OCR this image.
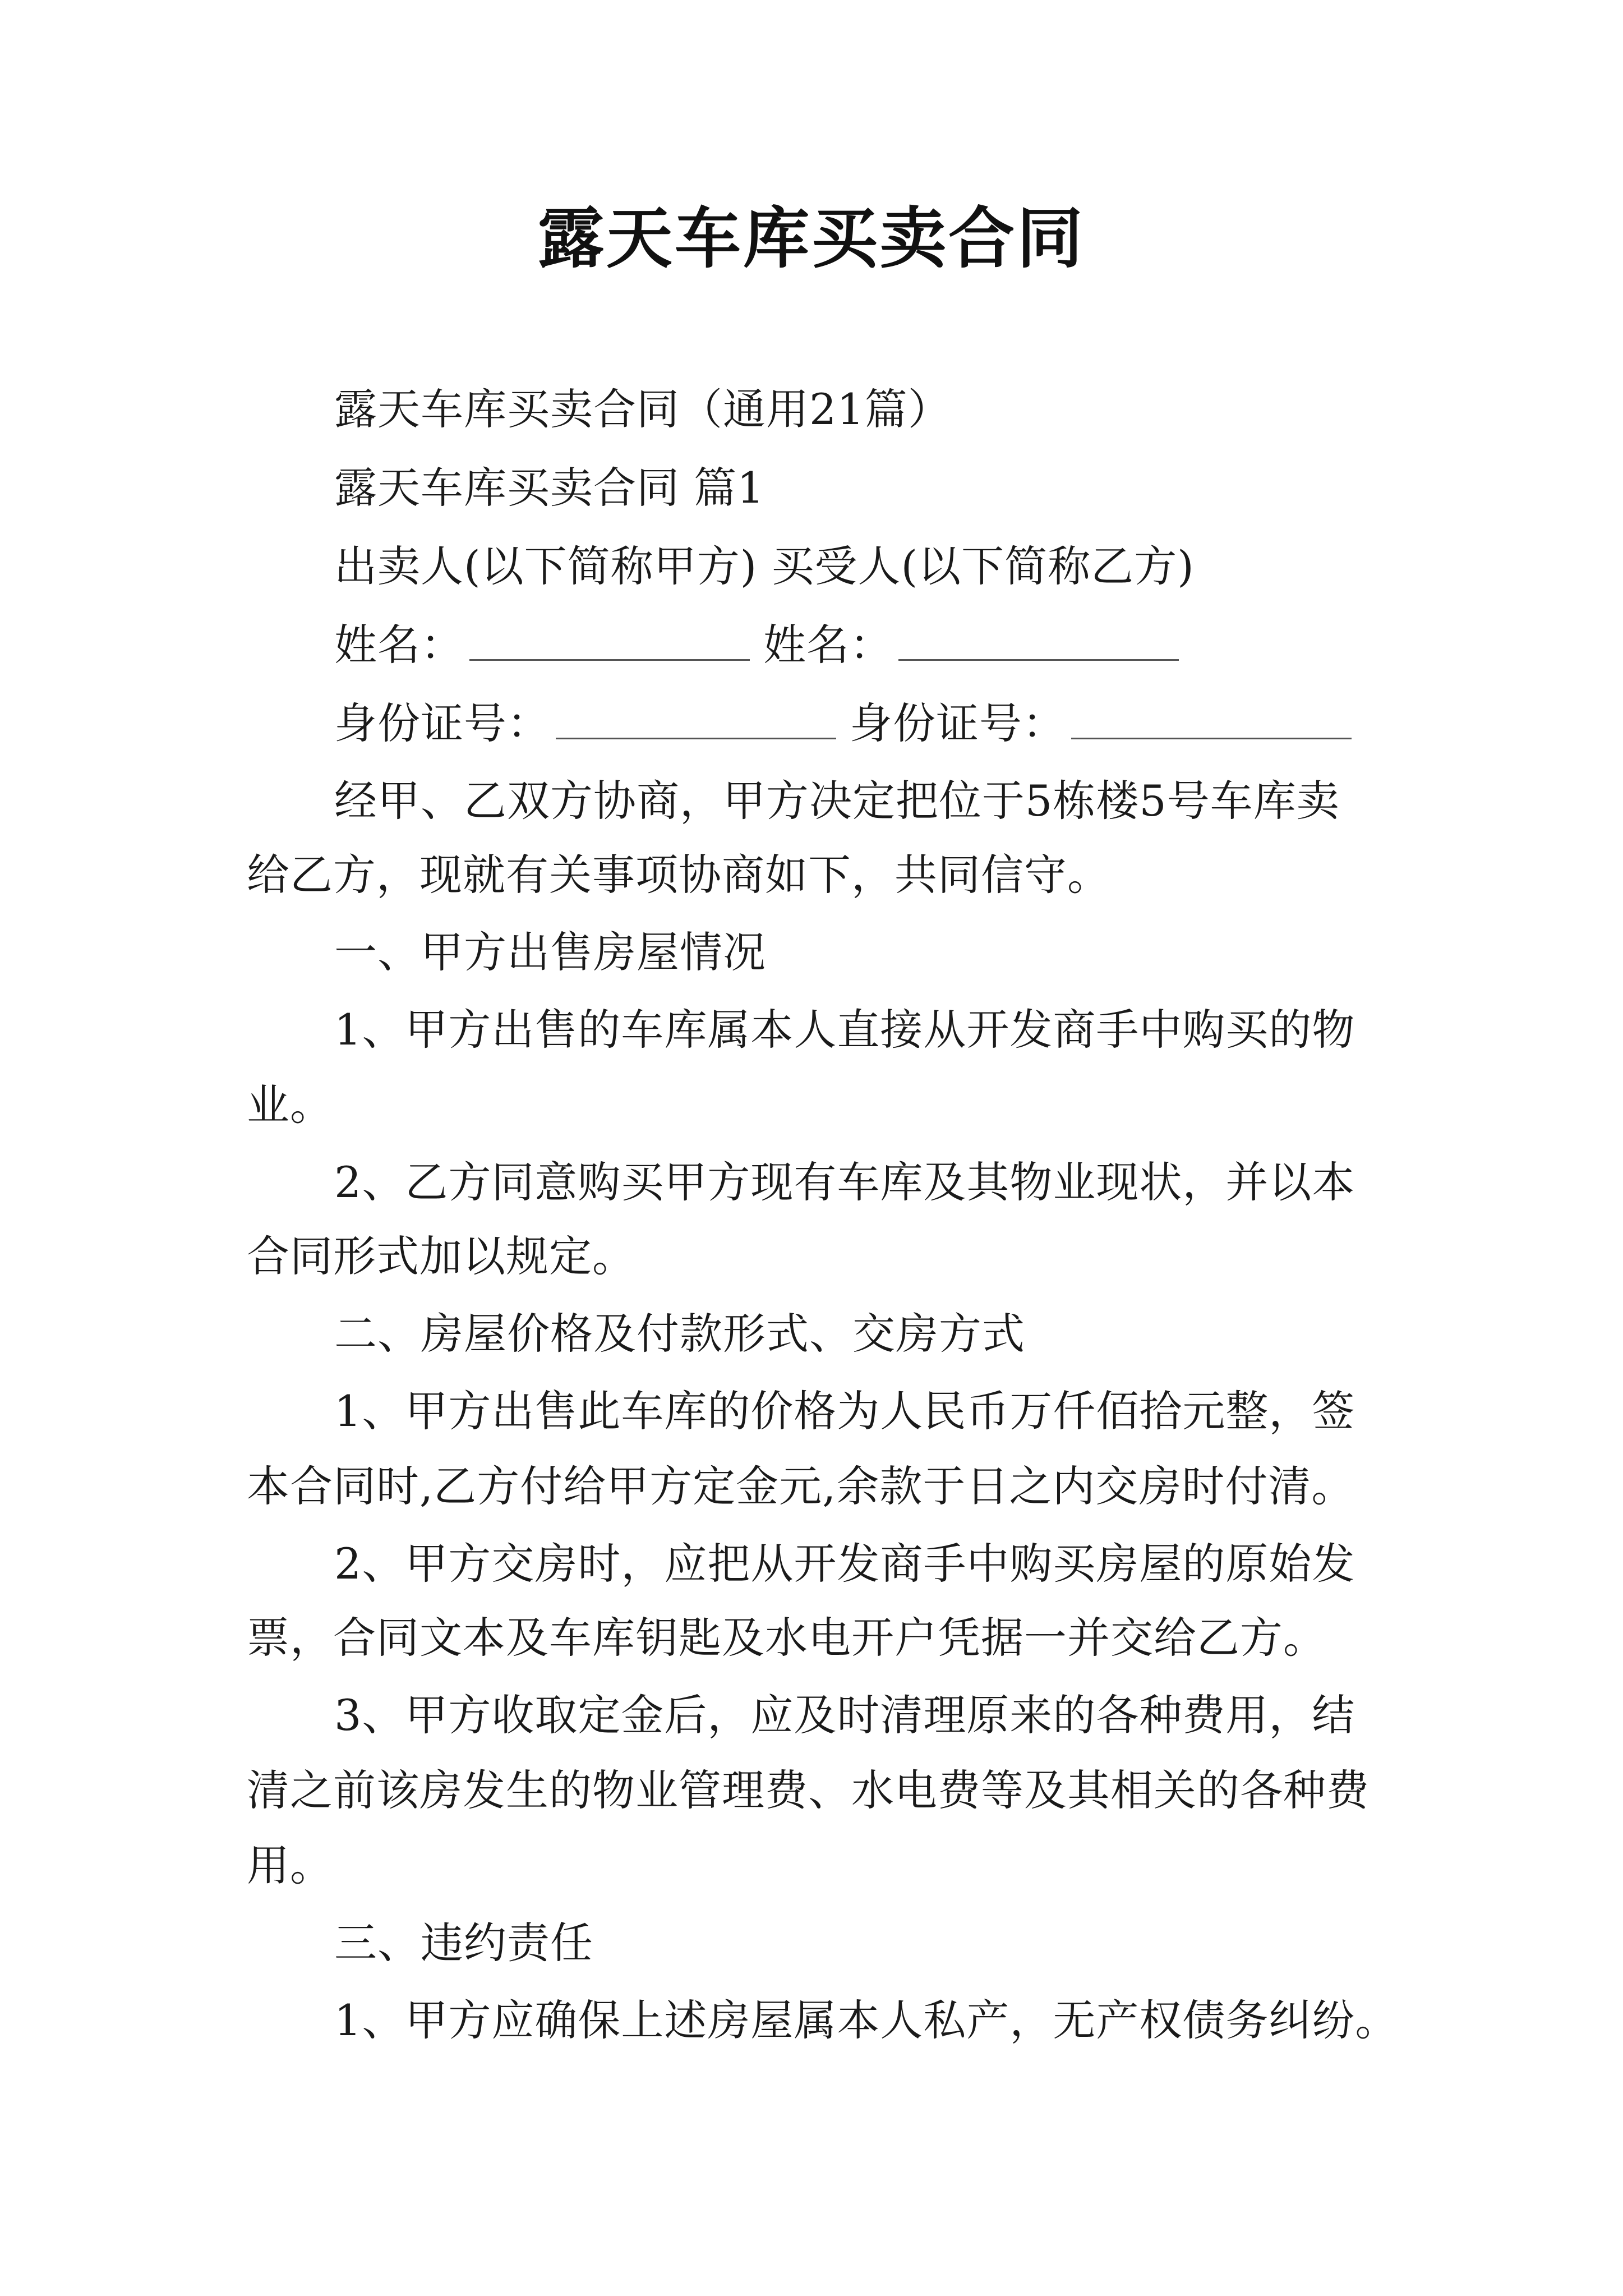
露天车库买卖合同
露天车库买卖合同（通用21篇）
露天车库买卖合同 篇1
出卖人(以下简称甲方) 买受人(以下简称乙方)
姓名：	姓名：
身份证号：	身份证号：
经甲、乙双方协商，甲方决定把位于5栋楼5号车库卖
给乙方，现就有关事项协商如下，共同信守。
一、甲方出售房屋情况
1、甲方出售的车库属本人直接从开发商手中购买的物
业。
2、乙方同意购买甲方现有车库及其物业现状，并以本
合同形式加以规定。
二、房屋价格及付款形式、交房方式
1、甲方出售此车库的价格为人民币万仟佰拾元整，签
本合同时,乙方付给甲方定金元,余款于日之内交房时付清。
2、甲方交房时，应把从开发商手中购买房屋的原始发
票，合同文本及车库钥匙及水电开户凭据一并交给乙方。
3、甲方收取定金后，应及时清理原来的各种费用，结
清之前该房发生的物业管理费、水电费等及其相关的各种费
用。
三、违约责任
1、甲方应确保上述房屋属本人私产，无产权债务纠纷。
